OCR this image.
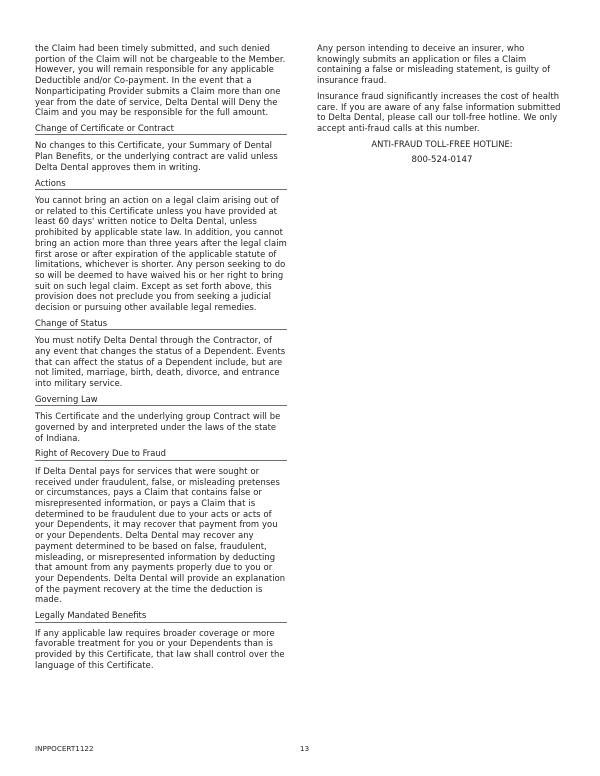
the Claim had been timely submitted, and such denied portion of the Claim will not be chargeable to the Member. However, you will remain responsible for any applicable Deductible and/or Co-payment. In the event that a Nonparticipating Provider submits a Claim more than one year from the date of service, Delta Dental will Deny the Claim and you may be responsible for the full amount.

Change of Certificate or Contract

No changes to this Certificate, your Summary of Dental Plan Benefits, or the underlying contract are valid unless Delta Dental approves them in writing.

Actions

You cannot bring an action on a legal claim arising out of or related to this Certificate unless you have provided at least 60 days' written notice to Delta Dental, unless prohibited by applicable state law. In addition, you cannot bring an action more than three years after the legal claim first arose or after expiration of the applicable statute of limitations, whichever is shorter. Any person seeking to do so will be deemed to have waived his or her right to bring suit on such legal claim. Except as set forth above, this provision does not preclude you from seeking a judicial decision or pursuing other available legal remedies.

Change of Status

You must notify Delta Dental through the Contractor, of any event that changes the status of a Dependent. Events that can affect the status of a Dependent include, but are not limited, marriage, birth, death, divorce, and entrance into military service.

Governing Law

This Certificate and the underlying group Contract will be governed by and interpreted under the laws of the state of Indiana.

Right of Recovery Due to Fraud

If Delta Dental pays for services that were sought or received under fraudulent, false, or misleading pretenses or circumstances, pays a Claim that contains false or misrepresented information, or pays a Claim that is determined to be fraudulent due to your acts or acts of your Dependents, it may recover that payment from you or your Dependents. Delta Dental may recover any payment determined to be based on false, fraudulent, misleading, or misrepresented information by deducting that amount from any payments properly due to you or your Dependents. Delta Dental will provide an explanation of the payment recovery at the time the deduction is made.

Legally Mandated Benefits

If any applicable law requires broader coverage or more favorable treatment for you or your Dependents than is provided by this Certificate, that law shall control over the language of this Certificate.

Any person intending to deceive an insurer, who knowingly submits an application or files a Claim containing a false or misleading statement, is guilty of insurance fraud.

Insurance fraud significantly increases the cost of health care. If you are aware of any false information submitted to Delta Dental, please call our toll-free hotline. We only accept anti-fraud calls at this number.

ANTI-FRAUD TOLL-FREE HOTLINE:

800-524-0147

INPPOCERT1122	13
